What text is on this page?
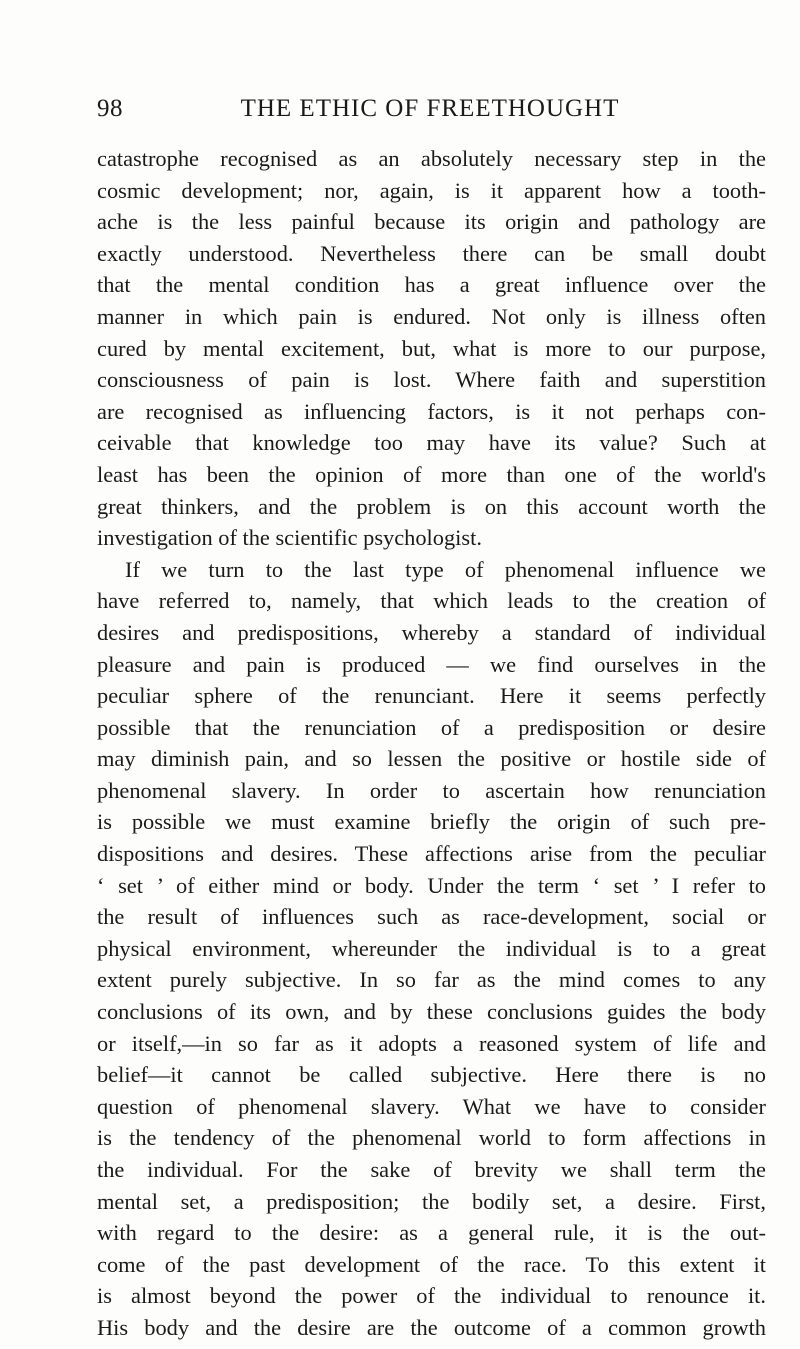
98	THE ETHIC OF FREETHOUGHT
catastrophe recognised as an absolutely necessary step in the
cosmic development; nor, again, is it apparent how a tooth-
ache is the less painful because its origin and pathology are
exactly understood. Nevertheless there can be small doubt
that the mental condition has a great influence over the
manner in which pain is endured. Not only is illness often
cured by mental excitement, but, what is more to our purpose,
consciousness of pain is lost. Where faith and superstition
are recognised as influencing factors, is it not perhaps con-
ceivable that knowledge too may have its value? Such at
least has been the opinion of more than one of the world's
great thinkers, and the problem is on this account worth the
investigation of the scientific psychologist.
If we turn to the last type of phenomenal influence we
have referred to, namely, that which leads to the creation of
desires and predispositions, whereby a standard of individual
pleasure and pain is produced — we find ourselves in the
peculiar sphere of the renunciant. Here it seems perfectly
possible that the renunciation of a predisposition or desire
may diminish pain, and so lessen the positive or hostile side of
phenomenal slavery. In order to ascertain how renunciation
is possible we must examine briefly the origin of such pre-
dispositions and desires. These affections arise from the peculiar
‘ set ’ of either mind or body. Under the term ‘ set ’ I refer to
the result of influences such as race-development, social or
physical environment, whereunder the individual is to a great
extent purely subjective. In so far as the mind comes to any
conclusions of its own, and by these conclusions guides the body
or itself,—in so far as it adopts a reasoned system of life and
belief—it cannot be called subjective. Here there is no
question of phenomenal slavery. What we have to consider
is the tendency of the phenomenal world to form affections in
the individual. For the sake of brevity we shall term the
mental set, a predisposition; the bodily set, a desire. First,
with regard to the desire: as a general rule, it is the out-
come of the past development of the race. To this extent it
is almost beyond the power of the individual to renounce it.
His body and the desire are the outcome of a common growth
